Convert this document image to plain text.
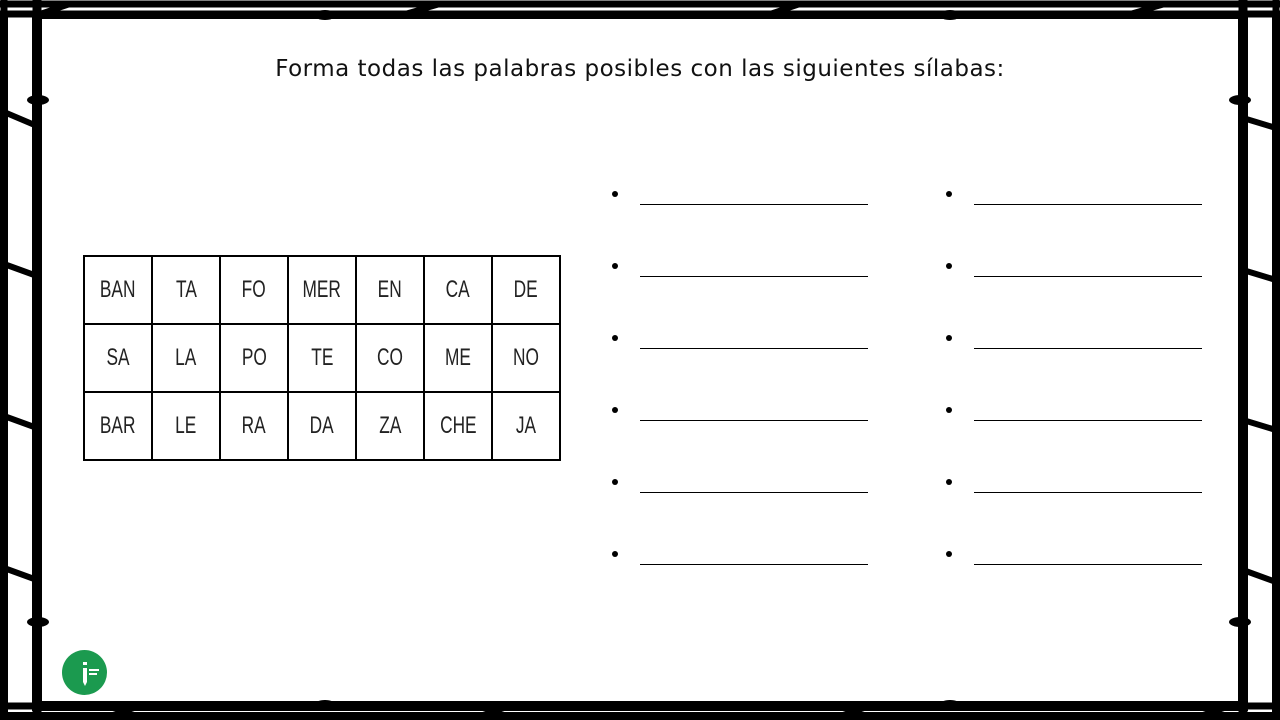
Forma todas las palabras posibles con las siguientes sílabas:
BAN	TA	FO	MER	EN	CA	DE
SA	LA	PO	TE	CO	ME	NO
BAR	LE	RA	DA	ZA	CHE	JA
